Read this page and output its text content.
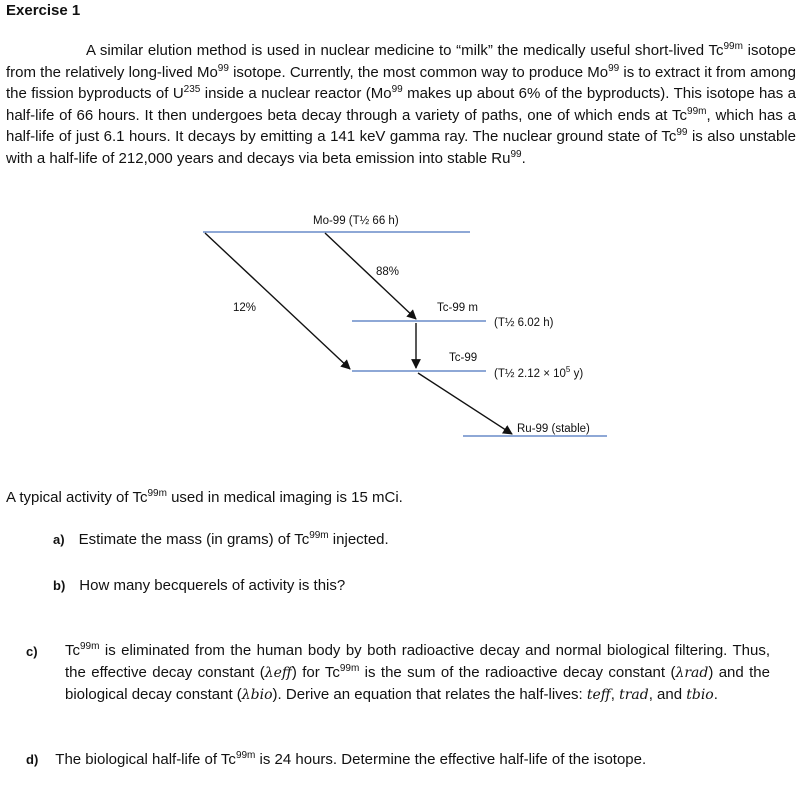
Exercise 1
A similar elution method is used in nuclear medicine to “milk” the medically useful short-lived $Tc^{99m}$ isotope from the relatively long-lived Mo$^{99}$ isotope. Currently, the most common way to produce Mo$^{99}$ is to extract it from among the fission byproducts of $U^{235}$ inside a nuclear reactor (Mo$^{99}$ makes up about 6% of the byproducts). This isotope has a half-life of 66 hours. It then undergoes beta decay through a variety of paths, one of which ends at $Tc^{99m}$, which has a half-life of just 6.1 hours. It decays by emitting a 141 keV gamma ray. The nuclear ground state of Tc$^{99}$ is also unstable with a half-life of 212,000 years and decays via beta emission into stable Ru$^{99}$.
Mo-99 (T½ 66 h)
88%
12%	Tc-99 m
(T½ 6.02 h)
Tc-99
(T½ $2.12 \times 10^5$ y)
Ru-99 (stable)
A typical activity of $Tc^{99m}$ used in medical imaging is 15 mCi.
a) Estimate the mass (in grams) of $Tc^{99m}$ injected.
b) How many becquerels of activity is this?
c) $Tc^{99m}$ is eliminated from the human body by both radioactive decay and normal biological filtering. Thus, the effective decay constant (λeff) for $Tc^{99m}$ is the sum of the radioactive decay constant (λrad) and the biological decay constant (λbio). Derive an equation that relates the half-lives: teff, trad, and tbio.
d) The biological half-life of $Tc^{99m}$ is 24 hours. Determine the effective half-life of the isotope.
